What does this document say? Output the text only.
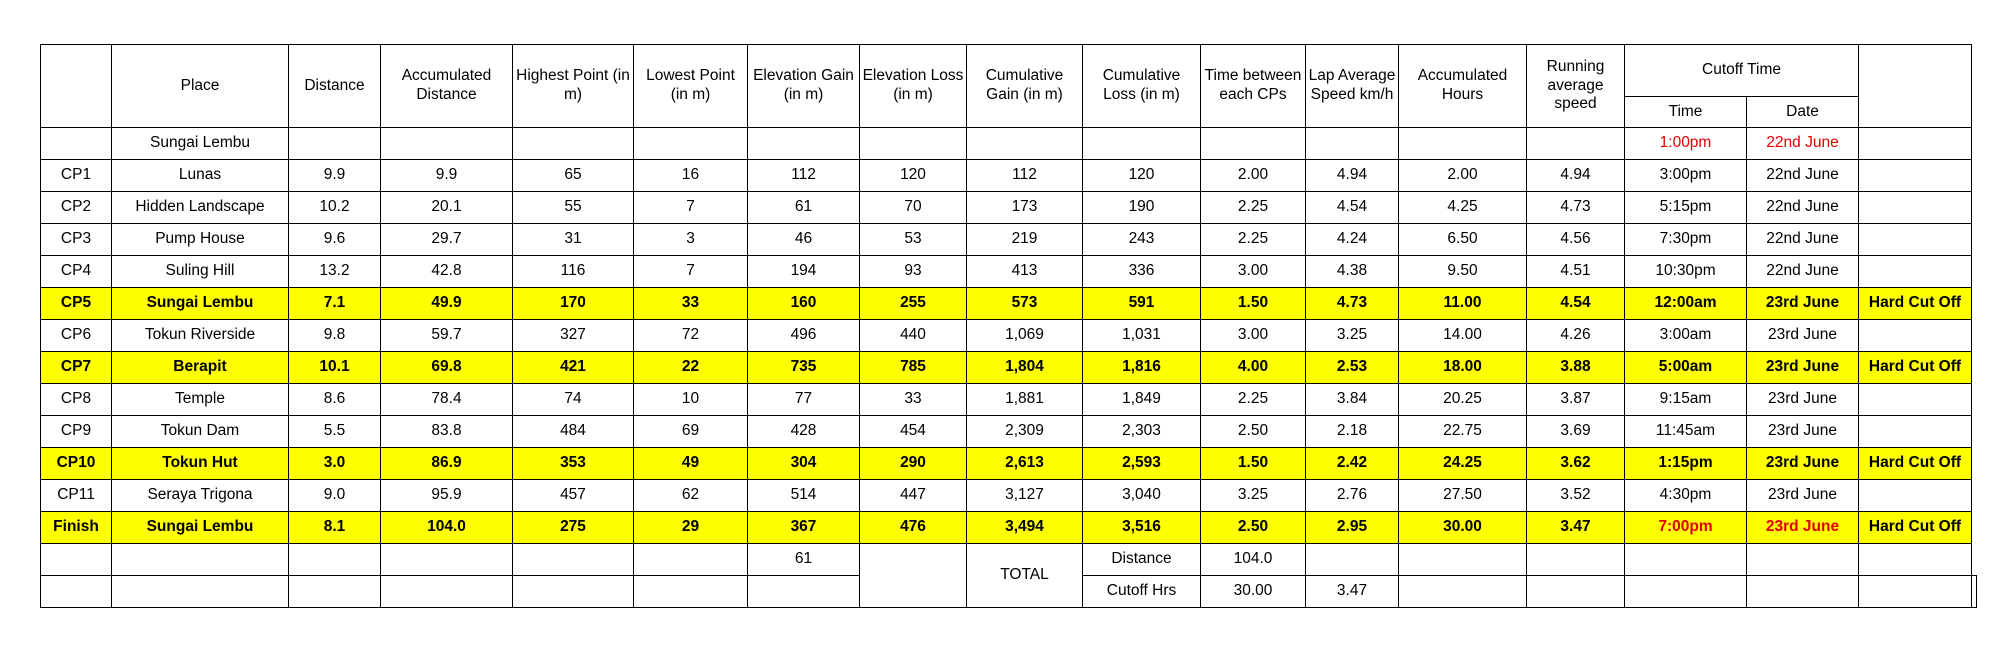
	Place	Distance	Accumulated Distance	Highest Point (in m)	Lowest Point (in m)	Elevation Gain (in m)	Elevation Loss (in m)	Cumulative Gain (in m)	Cumulative Loss (in m)	Time between each CPs	Lap Average Speed km/h	Accumulated Hours	Running average speed	Cutoff Time			
														Time	Date		
	Sungai Lembu													1:00pm	22nd June		
CP1	Lunas	9.9	9.9	65	16	112	120	112	120	2.00	4.94	2.00	4.94	3:00pm	22nd June		
CP2	Hidden Landscape	10.2	20.1	55	7	61	70	173	190	2.25	4.54	4.25	4.73	5:15pm	22nd June		
CP3	Pump House	9.6	29.7	31	3	46	53	219	243	2.25	4.24	6.50	4.56	7:30pm	22nd June		
CP4	Suling Hill	13.2	42.8	116	7	194	93	413	336	3.00	4.38	9.50	4.51	10:30pm	22nd June		
CP5	Sungai Lembu	7.1	49.9	170	33	160	255	573	591	1.50	4.73	11.00	4.54	12:00am	23rd June	Hard Cut Off	
CP6	Tokun Riverside	9.8	59.7	327	72	496	440	1,069	1,031	3.00	3.25	14.00	4.26	3:00am	23rd June		
CP7	Berapit	10.1	69.8	421	22	735	785	1,804	1,816	4.00	2.53	18.00	3.88	5:00am	23rd June	Hard Cut Off	
CP8	Temple	8.6	78.4	74	10	77	33	1,881	1,849	2.25	3.84	20.25	3.87	9:15am	23rd June		
CP9	Tokun Dam	5.5	83.8	484	69	428	454	2,309	2,303	2.50	2.18	22.75	3.69	11:45am	23rd June		
CP10	Tokun Hut	3.0	86.9	353	49	304	290	2,613	2,593	1.50	2.42	24.25	3.62	1:15pm	23rd June	Hard Cut Off	
CP11	Seraya Trigona	9.0	95.9	457	62	514	447	3,127	3,040	3.25	2.76	27.50	3.52	4:30pm	23rd June		
Finish	Sungai Lembu	8.1	104.0	275	29	367	476	3,494	3,516	2.50	2.95	30.00	3.47	7:00pm	23rd June	Hard Cut Off	
						61		TOTAL	Distance	104.0							
									Cutoff Hrs	30.00	3.47						
